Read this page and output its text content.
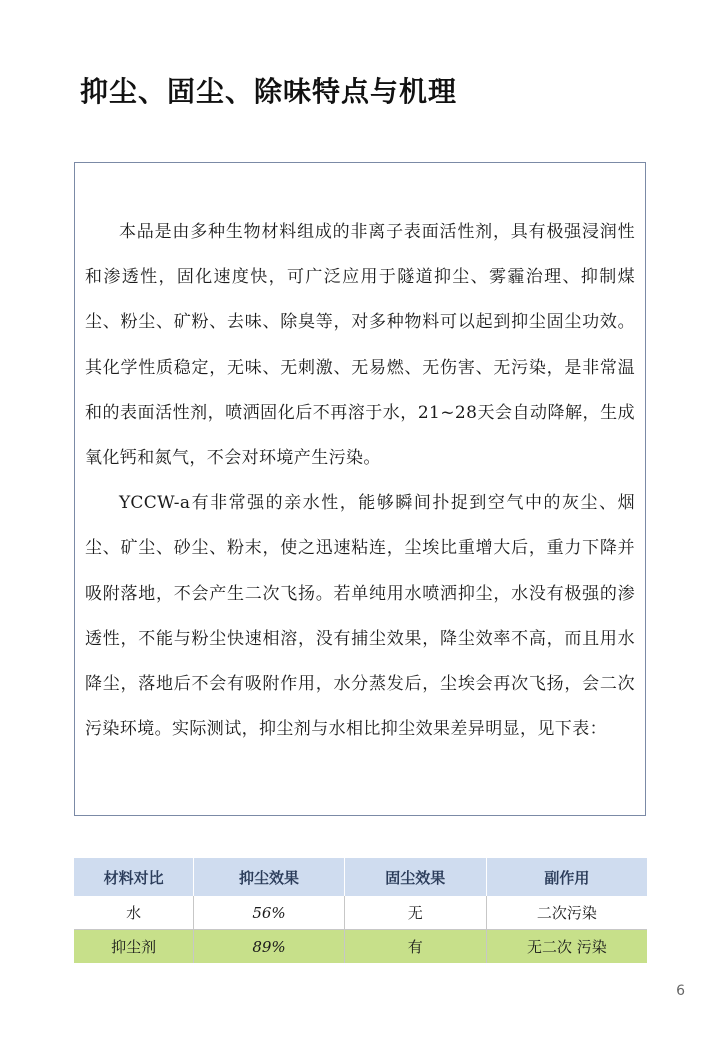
抑尘、固尘、除味特点与机理

本品是由多种生物材料组成的非离子表面活性剂，具有极强浸润性和渗透性，固化速度快，可广泛应用于隧道抑尘、雾霾治理、抑制煤尘、粉尘、矿粉、去味、除臭等，对多种物料可以起到抑尘固尘功效。其化学性质稳定，无味、无刺激、无易燃、无伤害、无污染，是非常温和的表面活性剂，喷洒固化后不再溶于水，21~28天会自动降解，生成氧化钙和氮气，不会对环境产生污染。

YCCW-a有非常强的亲水性，能够瞬间扑捉到空气中的灰尘、烟尘、矿尘、砂尘、粉末，使之迅速粘连，尘埃比重增大后，重力下降并吸附落地，不会产生二次飞扬。若单纯用水喷洒抑尘，水没有极强的渗透性，不能与粉尘快速相溶，没有捕尘效果，降尘效率不高，而且用水降尘，落地后不会有吸附作用，水分蒸发后，尘埃会再次飞扬，会二次污染环境。实际测试，抑尘剂与水相比抑尘效果差异明显，见下表：

材料对比	抑尘效果	固尘效果	副作用
水	56%	无	二次污染
抑尘剂	89%	有	无二次 污染
6
